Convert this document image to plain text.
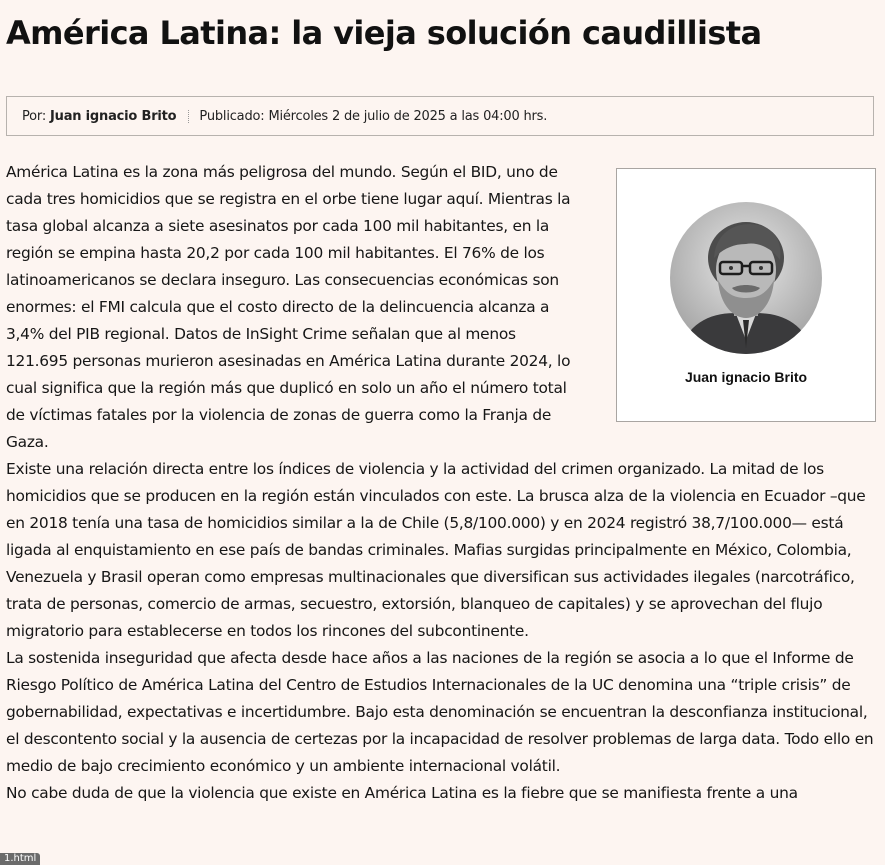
América Latina: la vieja solución caudillista
Por: Juan ignacio Brito Publicado: Miércoles 2 de julio de 2025 a las 04:00 hrs.

América Latina es la zona más peligrosa del mundo. Según el BID, uno de cada tres homicidios que se registra en el orbe tiene lugar aquí. Mientras la tasa global alcanza a siete asesinatos por cada 100 mil habitantes, en la región se empina hasta 20,2 por cada 100 mil habitantes. El 76% de los latinoamericanos se declara inseguro. Las consecuencias económicas son enormes: el FMI calcula que el costo directo de la delincuencia alcanza a 3,4% del PIB regional. Datos de InSight Crime señalan que al menos 121.695 personas murieron asesinadas en América Latina durante 2024, lo cual significa que la región más que duplicó en solo un año el número total de víctimas fatales por la violencia de zonas de guerra como la Franja de Gaza.

Existe una relación directa entre los índices de violencia y la actividad del crimen organizado. La mitad de los homicidios que se producen en la región están vinculados con este. La brusca alza de la violencia en Ecuador –que en 2018 tenía una tasa de homicidios similar a la de Chile (5,8/100.000) y en 2024 registró 38,7/100.000— está ligada al enquistamiento en ese país de bandas criminales. Mafias surgidas principalmente en México, Colombia, Venezuela y Brasil operan como empresas multinacionales que diversifican sus actividades ilegales (narcotráfico, trata de personas, comercio de armas, secuestro, extorsión, blanqueo de capitales) y se aprovechan del flujo migratorio para establecerse en todos los rincones del subcontinente.

La sostenida inseguridad que afecta desde hace años a las naciones de la región se asocia a lo que el Informe de Riesgo Político de América Latina del Centro de Estudios Internacionales de la UC denomina una “triple crisis” de gobernabilidad, expectativas e incertidumbre. Bajo esta denominación se encuentran la desconfianza institucional, el descontento social y la ausencia de certezas por la incapacidad de resolver problemas de larga data. Todo ello en medio de bajo crecimiento económico y un ambiente internacional volátil.

No cabe duda de que la violencia que existe en América Latina es la fiebre que se manifiesta frente a una

Juan ignacio Brito
1.html
